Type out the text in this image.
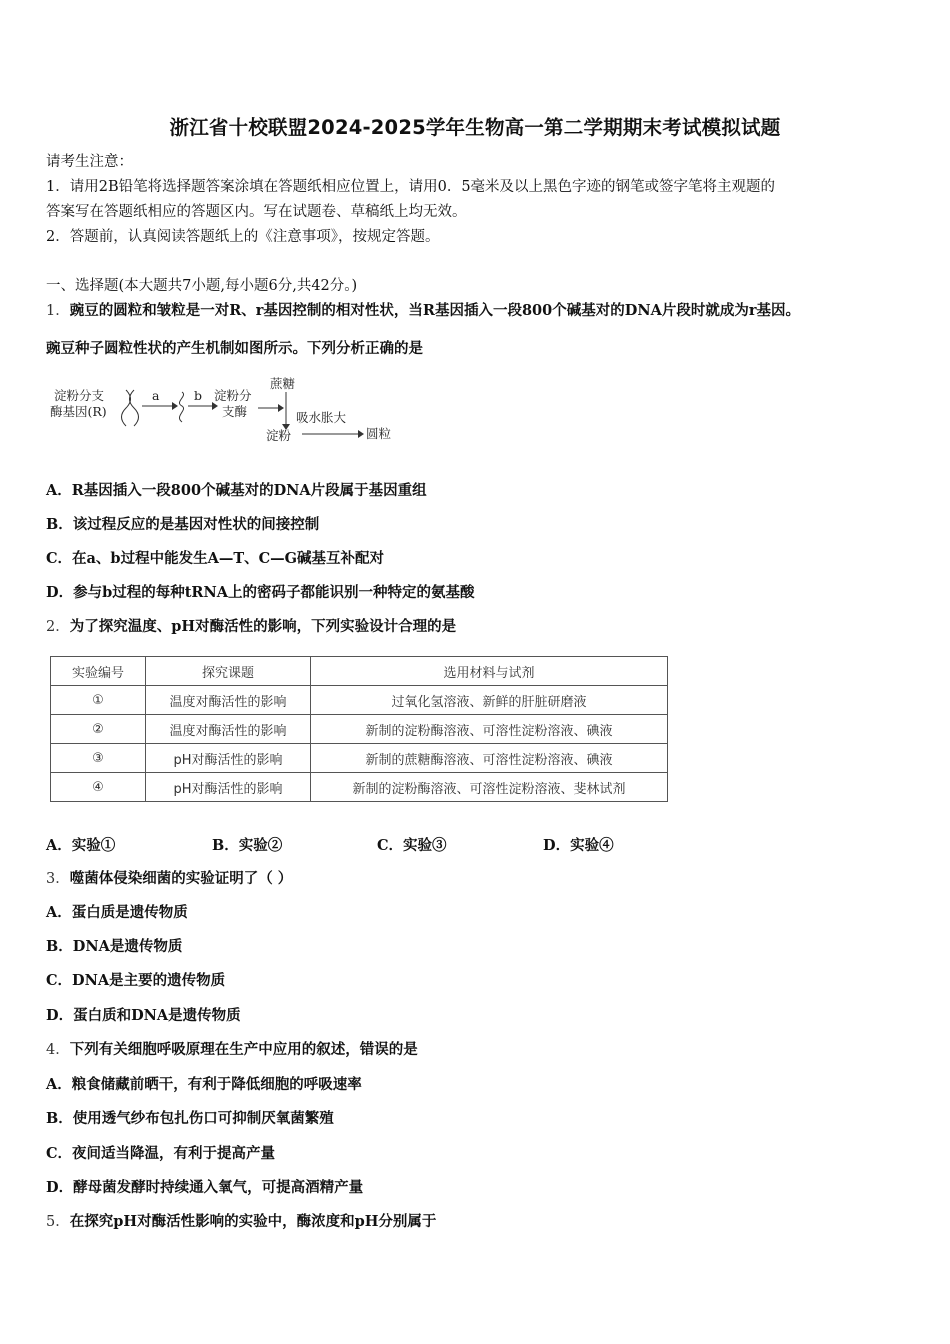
浙江省十校联盟2024-2025学年生物高一第二学期期末考试模拟试题
请考生注意：
1．请用2B铅笔将选择题答案涂填在答题纸相应位置上，请用0．5毫米及以上黑色字迹的钢笔或签字笔将主观题的
答案写在答题纸相应的答题区内。写在试题卷、草稿纸上均无效。
2．答题前，认真阅读答题纸上的《注意事项》，按规定答题。
一、选择题(本大题共7小题,每小题6分,共42分。)
1．豌豆的圆粒和皱粒是一对R、r基因控制的相对性状，当R基因插入一段800个碱基对的DNA片段时就成为r基因。
豌豆种子圆粒性状的产生机制如图所示。下列分析正确的是
淀粉分支
酶基因(R)
a	b 淀粉分
支酶
蔗糖
淀粉
吸水胀大
圆粒
A．R基因插入一段800个碱基对的DNA片段属于基因重组
B．该过程反应的是基因对性状的间接控制
C．在a、b过程中能发生A—T、C—G碱基互补配对
D．参与b过程的每种tRNA上的密码子都能识别一种特定的氨基酸
2．为了探究温度、pH对酶活性的影响，下列实验设计合理的是
实验编号	探究课题	选用材料与试剂
①	温度对酶活性的影响	过氧化氢溶液、新鲜的肝脏研磨液
②	温度对酶活性的影响	新制的淀粉酶溶液、可溶性淀粉溶液、碘液
③	pH对酶活性的影响	新制的蔗糖酶溶液、可溶性淀粉溶液、碘液
④	pH对酶活性的影响	新制的淀粉酶溶液、可溶性淀粉溶液、斐林试剂
A．实验①	B．实验②	C．实验③	D．实验④
3．噬菌体侵染细菌的实验证明了（ ）
A．蛋白质是遗传物质
B．DNA是遗传物质
C．DNA是主要的遗传物质
D．蛋白质和DNA是遗传物质
4．下列有关细胞呼吸原理在生产中应用的叙述，错误的是
A．粮食储藏前晒干，有利于降低细胞的呼吸速率
B．使用透气纱布包扎伤口可抑制厌氧菌繁殖
C．夜间适当降温，有利于提高产量
D．酵母菌发酵时持续通入氧气，可提高酒精产量
5．在探究pH对酶活性影响的实验中，酶浓度和pH分别属于
